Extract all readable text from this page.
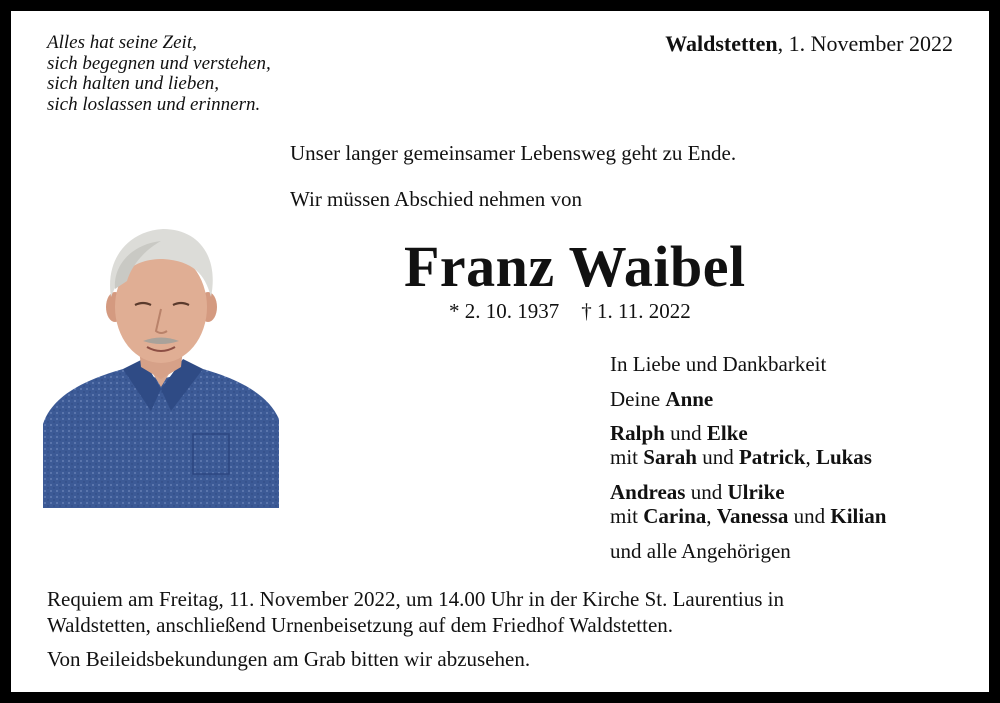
Alles hat seine Zeit,
sich begegnen und verstehen,
sich halten und lieben,
sich loslassen und erinnern.
Waldstetten, 1. November 2022
Unser langer gemeinsamer Lebensweg geht zu Ende.
Wir müssen Abschied nehmen von
Franz Waibel
* 2. 10. 1937 † 1. 11. 2022
In Liebe und Dankbarkeit
Deine Anne
Ralph und Elke
mit Sarah und Patrick, Lukas
Andreas und Ulrike
mit Carina, Vanessa und Kilian
und alle Angehörigen
Requiem am Freitag, 11. November 2022, um 14.00 Uhr in der Kirche St. Laurentius in
Waldstetten, anschließend Urnenbeisetzung auf dem Friedhof Waldstetten.
Von Beileidsbekundungen am Grab bitten wir abzusehen.
